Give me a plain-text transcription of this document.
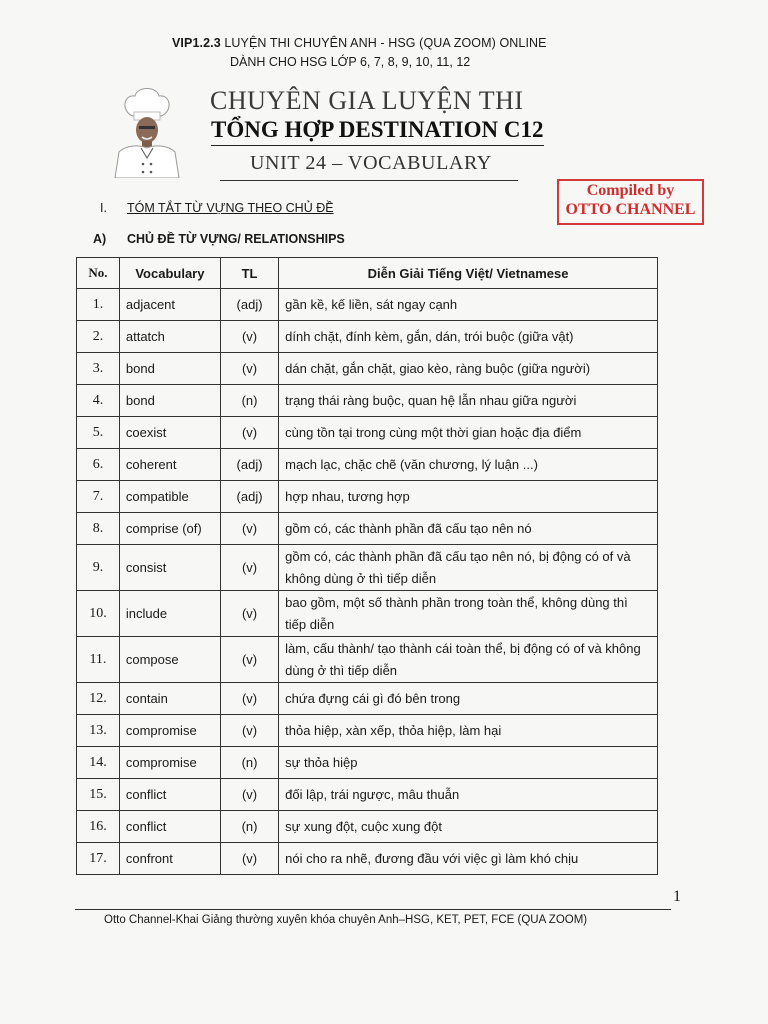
VIP1.2.3 LUYỆN THI CHUYÊN ANH - HSG (QUA ZOOM) ONLINE
DÀNH CHO HSG LỚP 6, 7, 8, 9, 10, 11, 12
CHUYÊN GIA LUYỆN THI
TỔNG HỢP DESTINATION C12
UNIT 24 – VOCABULARY
Compiled by
OTTO CHANNEL
I. TÓM TẮT TỪ VỰNG THEO CHỦ ĐỀ
A) CHỦ ĐỀ TỪ VỰNG/ RELATIONSHIPS
No.	Vocabulary	TL	Diễn Giải Tiếng Việt/ Vietnamese
1.	adjacent	(adj)	gần kề, kế liền, sát ngay cạnh
2.	attatch	(v)	dính chặt, đính kèm, gắn, dán, trói buộc (giữa vật)
3.	bond	(v)	dán chặt, gắn chặt, giao kèo, ràng buộc (giữa người)
4.	bond	(n)	trạng thái ràng buộc, quan hệ lẫn nhau giữa người
5.	coexist	(v)	cùng tồn tại trong cùng một thời gian hoặc địa điểm
6.	coherent	(adj)	mạch lạc, chặc chẽ (văn chương, lý luận ...)
7.	compatible	(adj)	hợp nhau, tương hợp
8.	comprise (of)	(v)	gồm có, các thành phần đã cấu tạo nên nó
9.	consist	(v)	gồm có, các thành phần đã cấu tạo nên nó, bị động có of và không dùng ở thì tiếp diễn
10.	include	(v)	bao gồm, một số thành phần trong toàn thể, không dùng thì tiếp diễn
11.	compose	(v)	làm, cấu thành/ tạo thành cái toàn thể, bị động có of và không dùng ở thì tiếp diễn
12.	contain	(v)	chứa đựng cái gì đó bên trong
13.	compromise	(v)	thỏa hiệp, xàn xếp, thỏa hiệp, làm hại
14.	compromise	(n)	sự thỏa hiệp
15.	conflict	(v)	đối lập, trái ngược, mâu thuẫn
16.	conflict	(n)	sự xung đột, cuộc xung đột
17.	confront	(v)	nói cho ra nhẽ, đương đầu với việc gì làm khó chịu
1
Otto Channel-Khai Giảng thường xuyên khóa chuyên Anh–HSG, KET, PET, FCE (QUA ZOOM)
